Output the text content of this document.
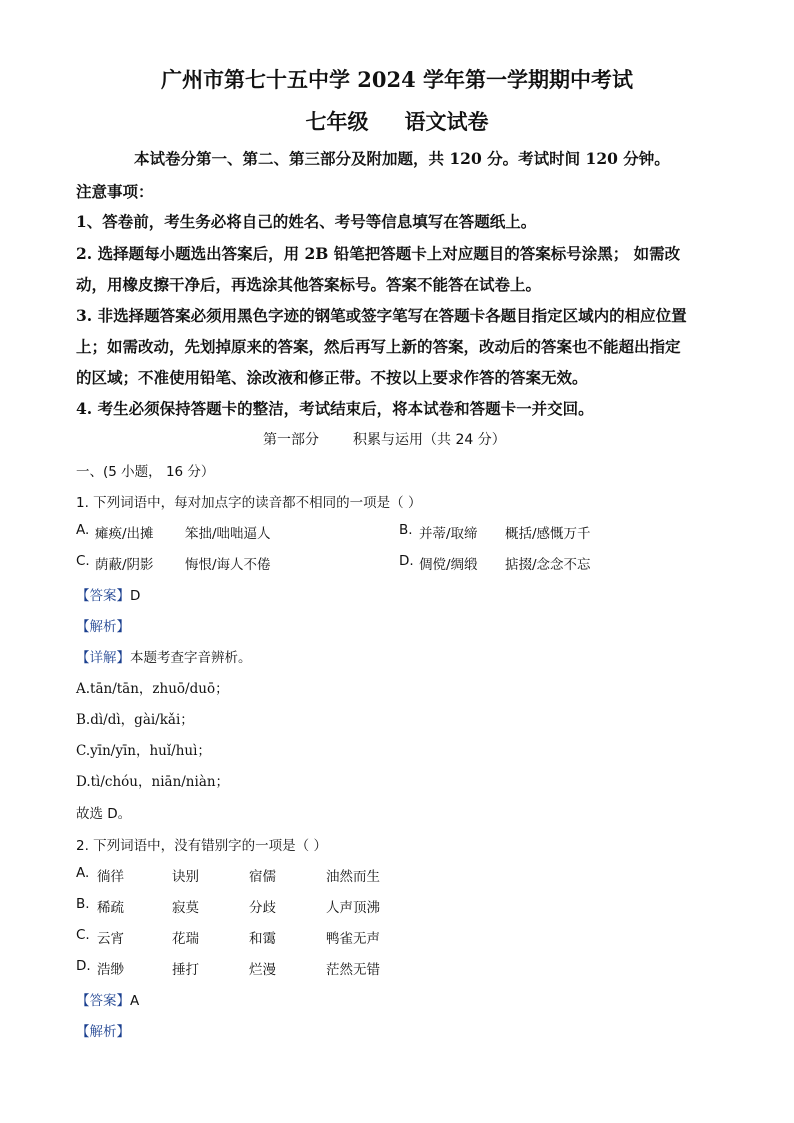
广州市第七十五中学 2024 学年第一学期期中考试
七年级 语文试卷
本试卷分第一、第二、第三部分及附加题，共 120 分。考试时间 120 分钟。
注意事项：
1、答卷前，考生务必将自己的姓名、考号等信息填写在答题纸上。
2. 选择题每小题选出答案后，用 2B 铅笔把答题卡上对应题目的答案标号涂黑； 如需改
动，用橡皮擦干净后，再选涂其他答案标号。答案不能答在试卷上。
3. 非选择题答案必须用黑色字迹的钢笔或签字笔写在答题卡各题目指定区域内的相应位置
上；如需改动，先划掉原来的答案，然后再写上新的答案，改动后的答案也不能超出指定
的区域；不准使用铅笔、涂改液和修正带。不按以上要求作答的答案无效。
4. 考生必须保持答题卡的整洁，考试结束后，将本试卷和答题卡一并交回。
第一部分 积累与运用（共 24 分）
一、(5 小题， 16 分）
1. 下列词语中，每对加点字的读音都不相同的一项是（ ）
A. 瘫痪/出摊 笨拙/咄咄逼人	B. 并蒂/取缔 概括/感慨万千
C. 荫蔽/阴影 悔恨/诲人不倦	D. 倜傥/绸缎 掂掇/念念不忘
【答案】D
【解析】
【详解】本题考查字音辨析。
A.tān/tān，zhuō/duō；
B.dì/dì，gài/kǎi；
C.yīn/yīn，huǐ/huì；
D.tì/chóu，niān/niàn；
故选 D。
2. 下列词语中，没有错别字的一项是（ ）
A. 徜徉	诀别	宿儒	油然而生
B. 稀疏	寂莫	分歧	人声顶沸
C. 云宵	花瑞	和霭	鸭雀无声
D. 浩缈	捶打	烂漫	茫然无错
【答案】A
【解析】
